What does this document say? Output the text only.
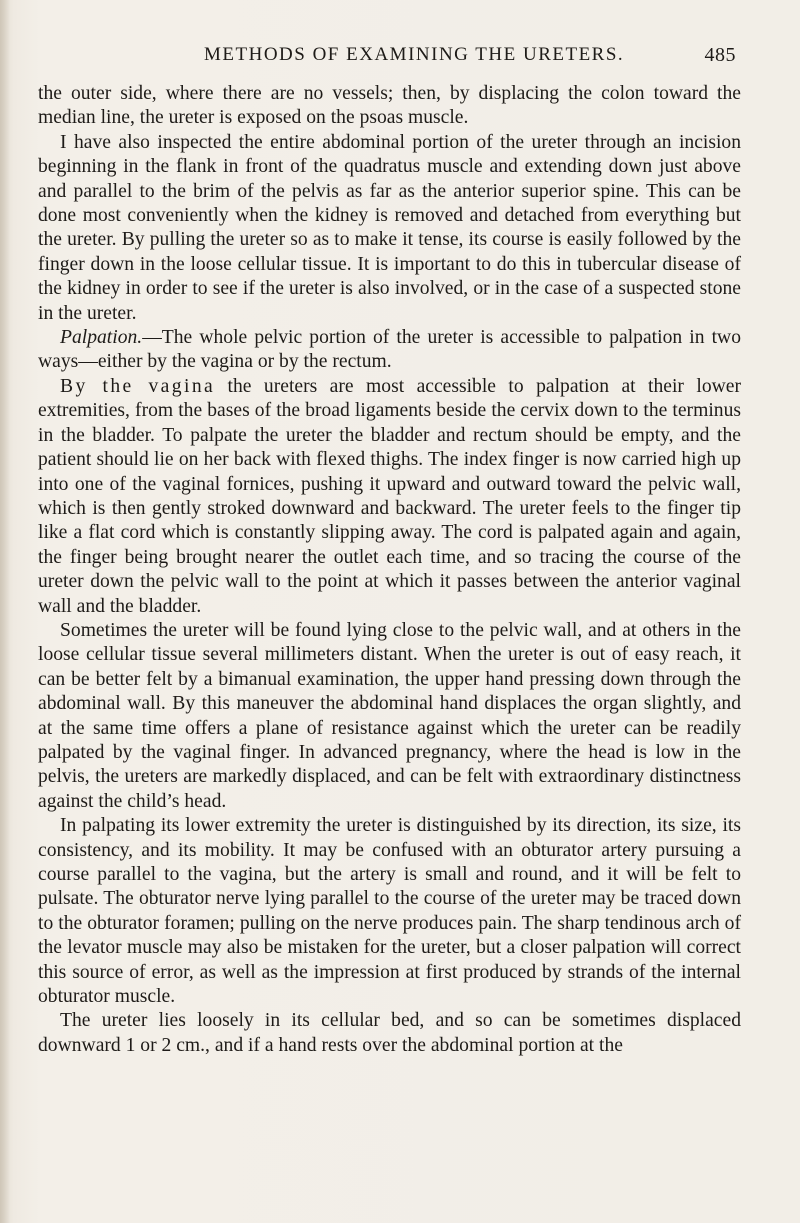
METHODS OF EXAMINING THE URETERS.	485

the outer side, where there are no vessels; then, by displacing the colon toward the median line, the ureter is exposed on the psoas muscle.

I have also inspected the entire abdominal portion of the ureter through an incision beginning in the flank in front of the quadratus muscle and extending down just above and parallel to the brim of the pelvis as far as the anterior superior spine. This can be done most conveniently when the kidney is removed and detached from everything but the ureter. By pulling the ureter so as to make it tense, its course is easily followed by the finger down in the loose cellular tissue. It is important to do this in tubercular disease of the kidney in order to see if the ureter is also involved, or in the case of a suspected stone in the ureter.

Palpation.—The whole pelvic portion of the ureter is accessible to palpation in two ways—either by the vagina or by the rectum.

By the vagina the ureters are most accessible to palpation at their lower extremities, from the bases of the broad ligaments beside the cervix down to the terminus in the bladder. To palpate the ureter the bladder and rectum should be empty, and the patient should lie on her back with flexed thighs. The index finger is now carried high up into one of the vaginal fornices, pushing it upward and outward toward the pelvic wall, which is then gently stroked downward and backward. The ureter feels to the finger tip like a flat cord which is constantly slipping away. The cord is palpated again and again, the finger being brought nearer the outlet each time, and so tracing the course of the ureter down the pelvic wall to the point at which it passes between the anterior vaginal wall and the bladder.

Sometimes the ureter will be found lying close to the pelvic wall, and at others in the loose cellular tissue several millimeters distant. When the ureter is out of easy reach, it can be better felt by a bimanual examination, the upper hand pressing down through the abdominal wall. By this maneuver the abdominal hand displaces the organ slightly, and at the same time offers a plane of resistance against which the ureter can be readily palpated by the vaginal finger. In advanced pregnancy, where the head is low in the pelvis, the ureters are markedly displaced, and can be felt with extraordinary distinctness against the child’s head.

In palpating its lower extremity the ureter is distinguished by its direction, its size, its consistency, and its mobility. It may be confused with an obturator artery pursuing a course parallel to the vagina, but the artery is small and round, and it will be felt to pulsate. The obturator nerve lying parallel to the course of the ureter may be traced down to the obturator foramen; pulling on the nerve produces pain. The sharp tendinous arch of the levator muscle may also be mistaken for the ureter, but a closer palpation will correct this source of error, as well as the impression at first produced by strands of the internal obturator muscle.

The ureter lies loosely in its cellular bed, and so can be sometimes displaced downward 1 or 2 cm., and if a hand rests over the abdominal portion at the
